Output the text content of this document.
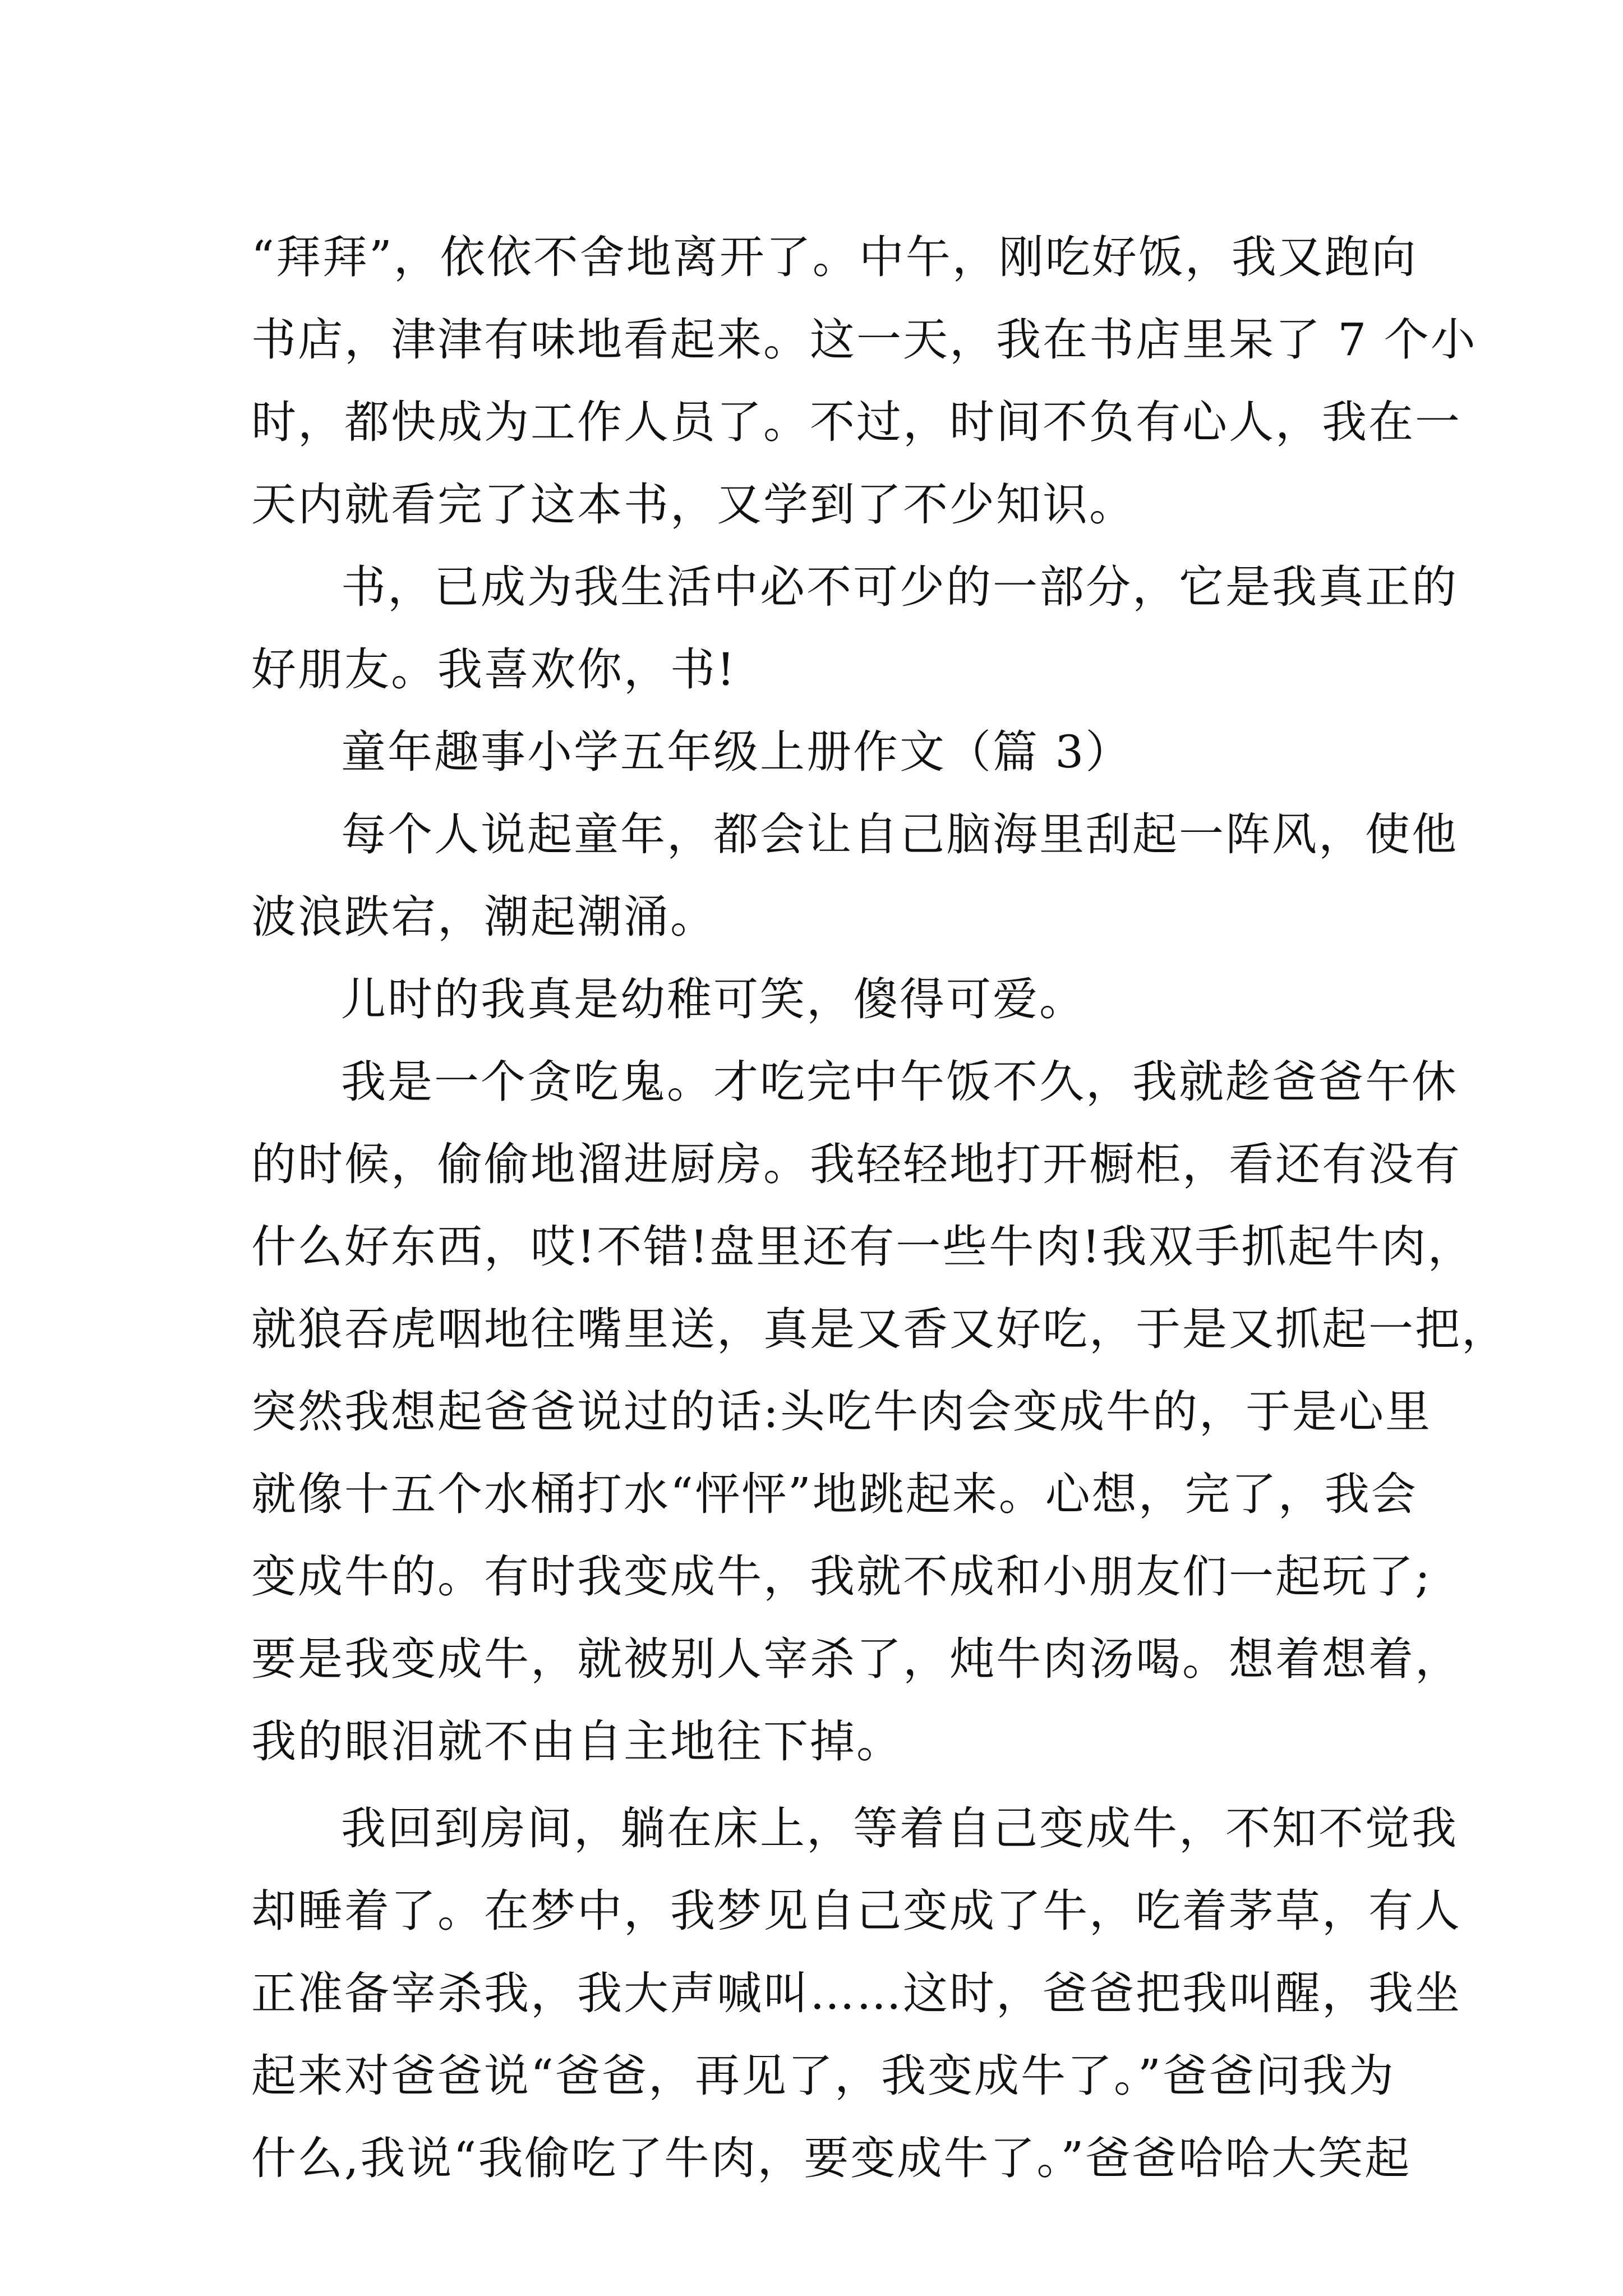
“拜拜”，依依不舍地离开了。中午，刚吃好饭，我又跑向
书店，津津有味地看起来。这一天，我在书店里呆了 7 个小
时，都快成为工作人员了。不过，时间不负有心人，我在一
天内就看完了这本书，又学到了不少知识。
书，已成为我生活中必不可少的一部分，它是我真正的
好朋友。我喜欢你，书!
童年趣事小学五年级上册作文（篇 3）
每个人说起童年，都会让自己脑海里刮起一阵风，使他
波浪跌宕，潮起潮涌。
儿时的我真是幼稚可笑，傻得可爱。
我是一个贪吃鬼。才吃完中午饭不久，我就趁爸爸午休
的时候，偷偷地溜进厨房。我轻轻地打开橱柜，看还有没有
什么好东西，哎!不错!盘里还有一些牛肉!我双手抓起牛肉，
就狼吞虎咽地往嘴里送，真是又香又好吃，于是又抓起一把，
突然我想起爸爸说过的话:头吃牛肉会变成牛的，于是心里
就像十五个水桶打水“怦怦”地跳起来。心想，完了，我会
变成牛的。有时我变成牛，我就不成和小朋友们一起玩了;
要是我变成牛，就被别人宰杀了，炖牛肉汤喝。想着想着，
我的眼泪就不由自主地往下掉。
我回到房间，躺在床上，等着自己变成牛，不知不觉我
却睡着了。在梦中，我梦见自己变成了牛，吃着茅草，有人
正准备宰杀我，我大声喊叫……这时，爸爸把我叫醒，我坐
起来对爸爸说“爸爸，再见了，我变成牛了。”爸爸问我为
什么,我说“我偷吃了牛肉，要变成牛了。”爸爸哈哈大笑起
